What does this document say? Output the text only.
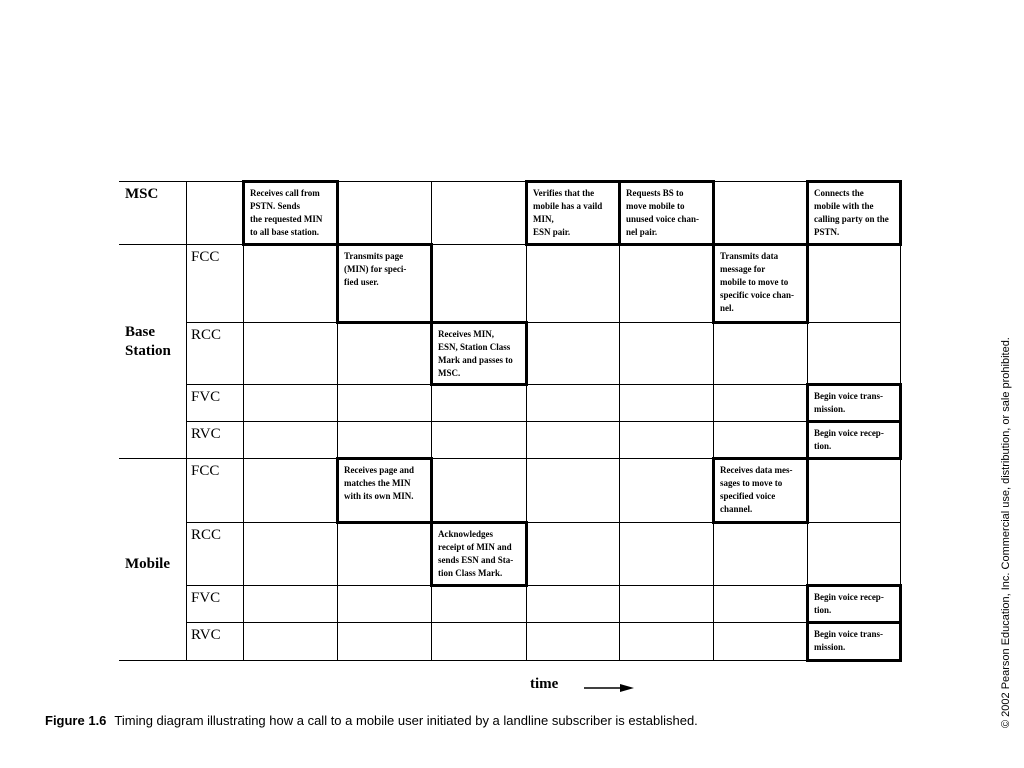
MSC
Base
Station
Mobile
FCC
RCC
FVC
RVC
FCC
RCC
FVC
RVC
Receives call from
PSTN. Sends
the requested MIN
to all base station.
Verifies that the
mobile has a vaild
MIN,
ESN pair.
Requests BS to
move mobile to
unused voice chan-
nel pair.
Connects the
mobile with the
calling party on the
PSTN.
Transmits page
(MIN) for speci-
fied user.
Transmits data
message for
mobile to move to
specific voice chan-
nel.
Receives MIN,
ESN, Station Class
Mark and passes to
MSC.
Begin voice trans-
mission.
Begin voice recep-
tion.
Receives page and
matches the MIN
with its own MIN.
Receives data mes-
sages to move to
specified voice
channel.
Acknowledges
receipt of MIN and
sends ESN and Sta-
tion Class Mark.
Begin voice recep-
tion.
Begin voice trans-
mission.
time
Figure 1.6 Timing diagram illustrating how a call to a mobile user initiated by a landline subscriber is established.	© 2002 Pearson Education, Inc. Commercial use, distribution, or sale prohibited.
